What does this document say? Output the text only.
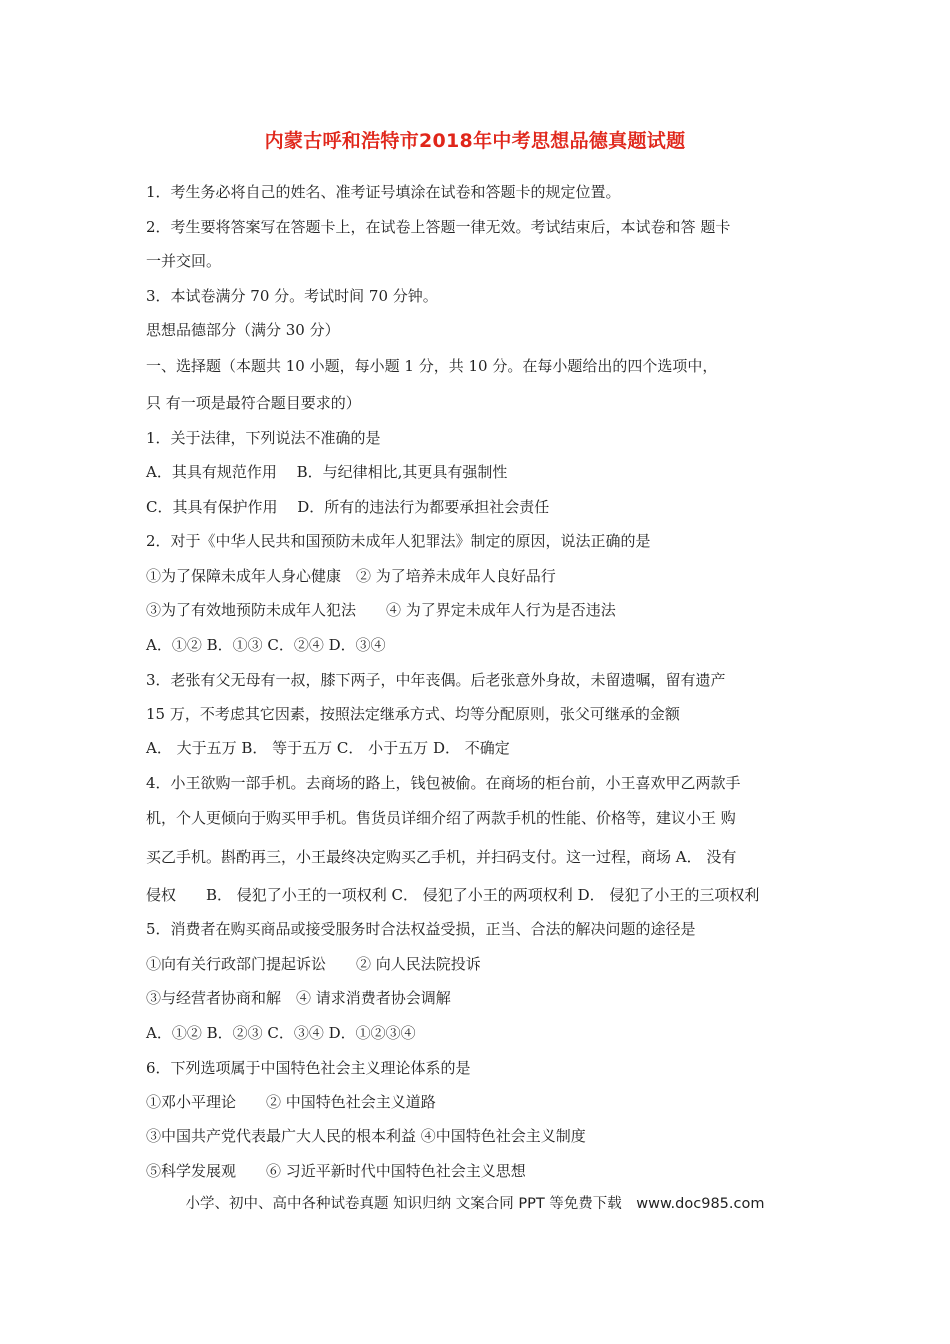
内蒙古呼和浩特市2018年中考思想品德真题试题
1．考生务必将自己的姓名、准考证号填涂在试卷和答题卡的规定位置。
2．考生要将答案写在答题卡上，在试卷上答题一律无效。考试结束后，本试卷和答 题卡
一并交回。
3．本试卷满分 70 分。考试时间 70 分钟。
思想品德部分（满分 30 分）
一、选择题（本题共 10 小题，每小题 1 分，共 10 分。在每小题给出的四个选项中，
只 有一项是最符合题目要求的）
1．关于法律，下列说法不准确的是
A．其具有规范作用　 B．与纪律相比,其更具有强制性
C．其具有保护作用　 D．所有的违法行为都要承担社会责任
2．对于《中华人民共和国预防未成年人犯罪法》制定的原因，说法正确的是
①为了保障未成年人身心健康　② 为了培养未成年人良好品行
③为了有效地预防未成年人犯法　　④ 为了界定未成年人行为是否违法
A．①② B．①③ C．②④ D．③④
3．老张有父无母有一叔，膝下两子，中年丧偶。后老张意外身故，未留遗嘱，留有遗产
15 万，不考虑其它因素，按照法定继承方式、均等分配原则，张父可继承的金额
A． 大于五万 B． 等于五万 C． 小于五万 D． 不确定
4．小王欲购一部手机。去商场的路上，钱包被偷。在商场的柜台前，小王喜欢甲乙两款手
机，个人更倾向于购买甲手机。售货员详细介绍了两款手机的性能、价格等，建议小王 购
买乙手机。斟酌再三，小王最终决定购买乙手机，并扫码支付。这一过程，商场 A． 没有
侵权　　B． 侵犯了小王的一项权利 C． 侵犯了小王的两项权利 D． 侵犯了小王的三项权利
5．消费者在购买商品或接受服务时合法权益受损，正当、合法的解决问题的途径是
①向有关行政部门提起诉讼　　② 向人民法院投诉
③与经营者协商和解　④ 请求消费者协会调解
A．①② B．②③ C．③④ D．①②③④
6．下列选项属于中国特色社会主义理论体系的是
①邓小平理论　　② 中国特色社会主义道路
③中国共产党代表最广大人民的根本利益 ④中国特色社会主义制度
⑤科学发展观　　⑥ 习近平新时代中国特色社会主义思想
小学、初中、高中各种试卷真题 知识归纳 文案合同 PPT 等免费下载　www.doc985.com
